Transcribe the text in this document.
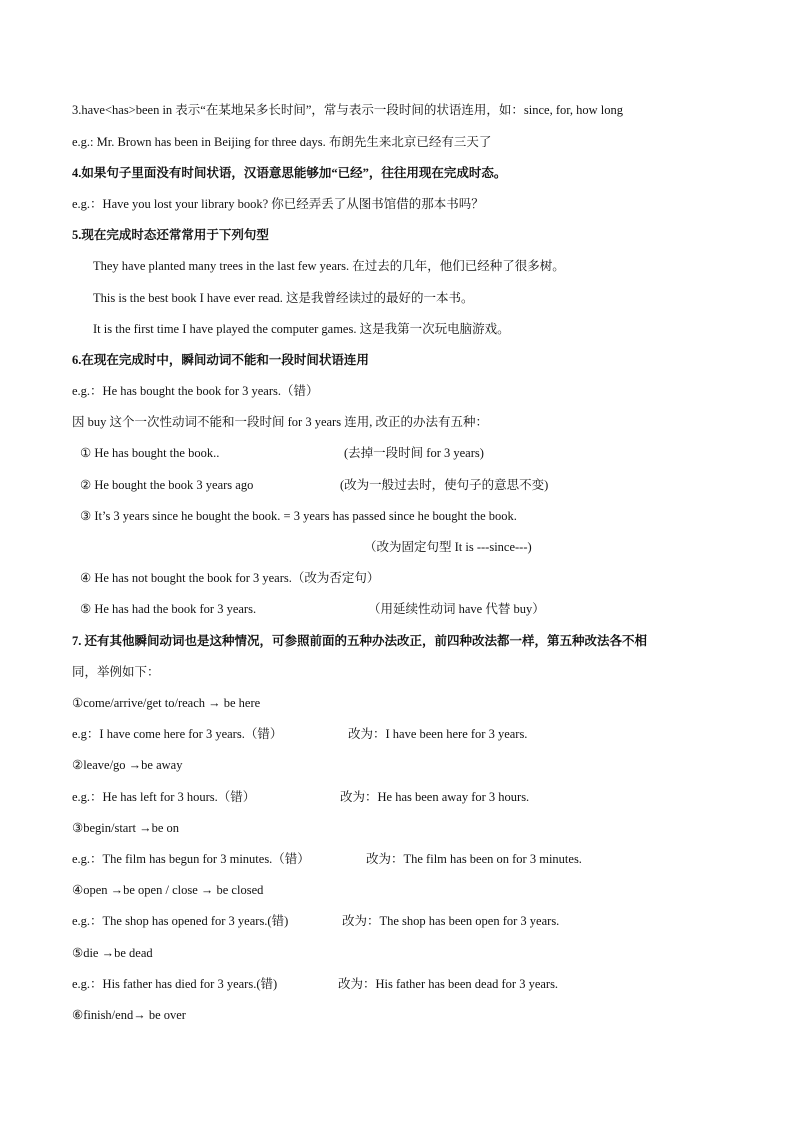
3.have<has>been in 表示“在某地呆多长时间”，常与表示一段时间的状语连用，如：since, for, how long
e.g.: Mr. Brown has been in Beijing for three days. 布朗先生来北京已经有三天了
4.如果句子里面没有时间状语，汉语意思能够加“已经”，往往用现在完成时态。
e.g.：Have you lost your library book? 你已经弄丢了从图书馆借的那本书吗？
5.现在完成时态还常常用于下列句型
They have planted many trees in the last few years. 在过去的几年，他们已经种了很多树。
This is the best book I have ever read. 这是我曾经读过的最好的一本书。
It is the first time I have played the computer games. 这是我第一次玩电脑游戏。
6.在现在完成时中，瞬间动词不能和一段时间状语连用
e.g.：He has bought the book for 3 years.（错）
因 buy 这个一次性动词不能和一段时间 for 3 years 连用, 改正的办法有五种：
① He has bought the book..	(去掉一段时间 for 3 years)
② He bought the book 3 years ago	(改为一般过去时，使句子的意思不变)
③ It’s 3 years since he bought the book. = 3 years has passed since he bought the book.
（改为固定句型 It is ---since---)
④ He has not bought the book for 3 years.（改为否定句）
⑤ He has had the book for 3 years.	（用延续性动词 have 代替 buy）
7. 还有其他瞬间动词也是这种情况，可参照前面的五种办法改正，前四种改法都一样，第五种改法各不相
同，举例如下：
①come/arrive/get to/reach → be here
e.g：I have come here for 3 years.（错）	改为：I have been here for 3 years.
②leave/go →be away
e.g.：He has left for 3 hours.（错）	改为：He has been away for 3 hours.
③begin/start →be on
e.g.：The film has begun for 3 minutes.（错）	改为：The film has been on for 3 minutes.
④open →be open / close → be closed
e.g.：The shop has opened for 3 years.(错)	改为：The shop has been open for 3 years.
⑤die →be dead
e.g.：His father has died for 3 years.(错)	改为：His father has been dead for 3 years.
⑥finish/end→ be over
